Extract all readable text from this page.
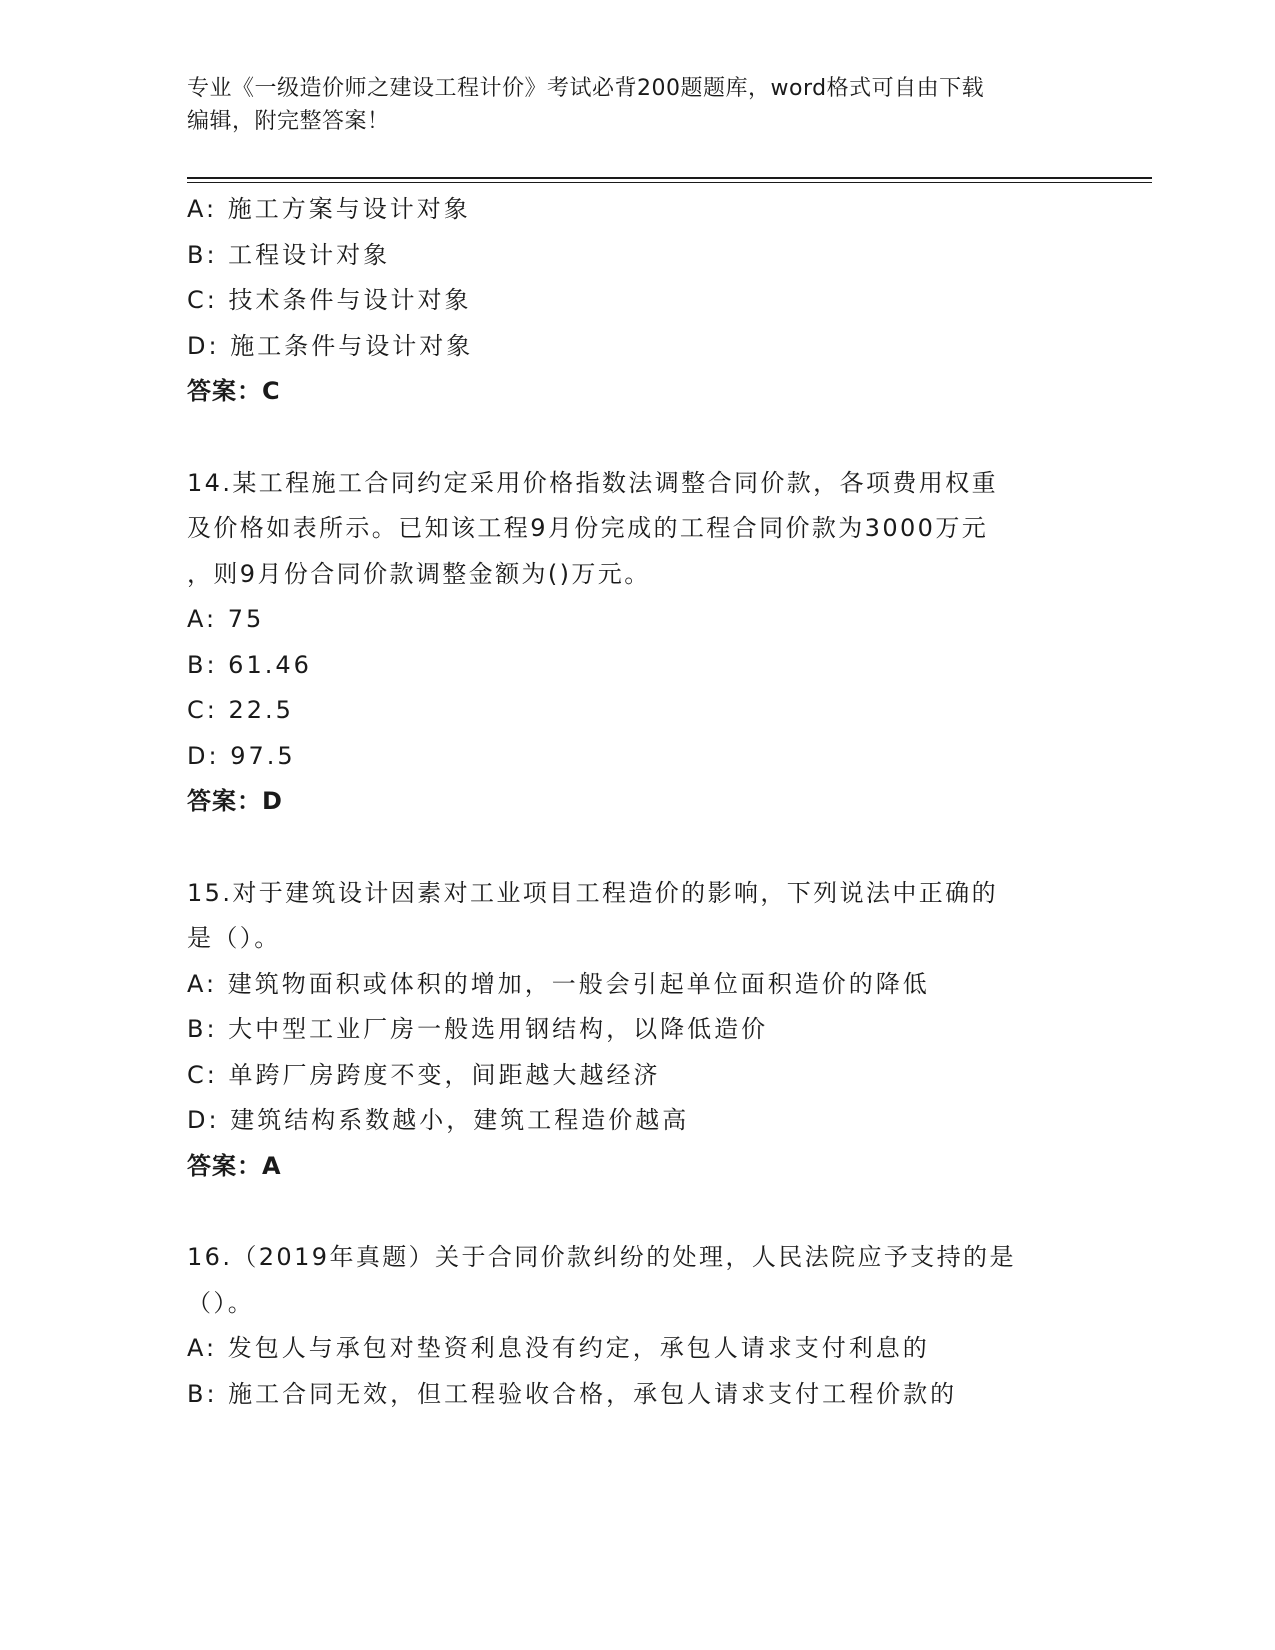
专业《一级造价师之建设工程计价》考试必背200题题库，word格式可自由下载
编辑，附完整答案！
A: 施工方案与设计对象
B: 工程设计对象
C: 技术条件与设计对象
D: 施工条件与设计对象
答案：C
14.某工程施工合同约定采用价格指数法调整合同价款，各项费用权重
及价格如表所示。已知该工程9月份完成的工程合同价款为3000万元
，则9月份合同价款调整金额为()万元。
A: 75
B: 61.46
C: 22.5
D: 97.5
答案：D
15.对于建筑设计因素对工业项目工程造价的影响，下列说法中正确的
是（）。
A: 建筑物面积或体积的增加，一般会引起单位面积造价的降低
B: 大中型工业厂房一般选用钢结构，以降低造价
C: 单跨厂房跨度不变，间距越大越经济
D: 建筑结构系数越小，建筑工程造价越高
答案：A
16.（2019年真题）关于合同价款纠纷的处理，人民法院应予支持的是
（）。
A: 发包人与承包对垫资利息没有约定，承包人请求支付利息的
B: 施工合同无效，但工程验收合格，承包人请求支付工程价款的
